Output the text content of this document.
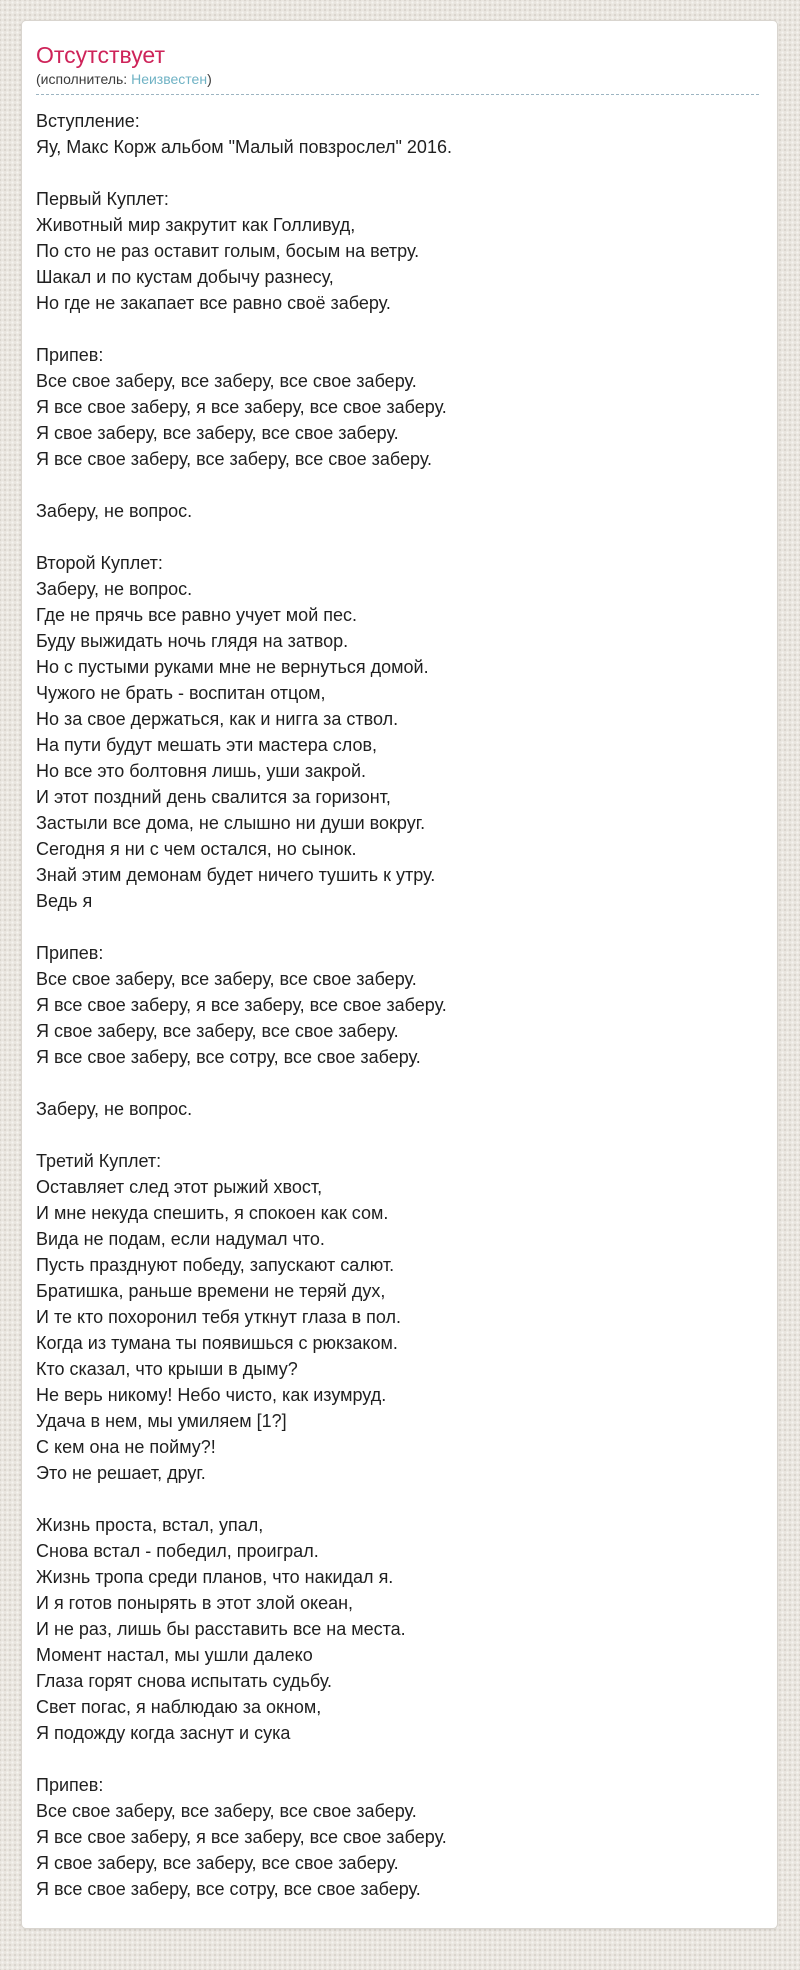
Отсутствует
(исполнитель: Неизвестен)
Вступление:
Яу, Макс Корж альбом "Малый повзрослел" 2016.
Первый Куплет:
Животный мир закрутит как Голливуд,
По сто не раз оставит голым, босым на ветру.
Шакал и по кустам добычу разнесу,
Но где не закапает все равно своё заберу.
Припев:
Все свое заберу, все заберу, все свое заберу.
Я все свое заберу, я все заберу, все свое заберу.
Я свое заберу, все заберу, все свое заберу.
Я все свое заберу, все заберу, все свое заберу.
Заберу, не вопрос.
Второй Куплет:
Заберу, не вопрос.
Где не прячь все равно учует мой пес.
Буду выжидать ночь глядя на затвор.
Но с пустыми руками мне не вернуться домой.
Чужого не брать - воспитан отцом,
Но за свое держаться, как и нигга за ствол.
На пути будут мешать эти мастера слов,
Но все это болтовня лишь, уши закрой.
И этот поздний день свалится за горизонт,
Застыли все дома, не слышно ни души вокруг.
Сегодня я ни с чем остался, но сынок.
Знай этим демонам будет ничего тушить к утру.
Ведь я
Припев:
Все свое заберу, все заберу, все свое заберу.
Я все свое заберу, я все заберу, все свое заберу.
Я свое заберу, все заберу, все свое заберу.
Я все свое заберу, все сотру, все свое заберу.
Заберу, не вопрос.
Третий Куплет:
Оставляет след этот рыжий хвост,
И мне некуда спешить, я спокоен как сом.
Вида не подам, если надумал что.
Пусть празднуют победу, запускают салют.
Братишка, раньше времени не теряй дух,
И те кто похоронил тебя уткнут глаза в пол.
Когда из тумана ты появишься с рюкзаком.
Кто сказал, что крыши в дыму?
Не верь никому! Небо чисто, как изумруд.
Удача в нем, мы умиляем [1?]
С кем она не пойму?!
Это не решает, друг.
Жизнь проста, встал, упал,
Снова встал - победил, проиграл.
Жизнь тропа среди планов, что накидал я.
И я готов понырять в этот злой океан,
И не раз, лишь бы расставить все на места.
Момент настал, мы ушли далеко
Глаза горят снова испытать судьбу.
Свет погас, я наблюдаю за окном,
Я подожду когда заснут и сука
Припев:
Все свое заберу, все заберу, все свое заберу.
Я все свое заберу, я все заберу, все свое заберу.
Я свое заберу, все заберу, все свое заберу.
Я все свое заберу, все сотру, все свое заберу.
